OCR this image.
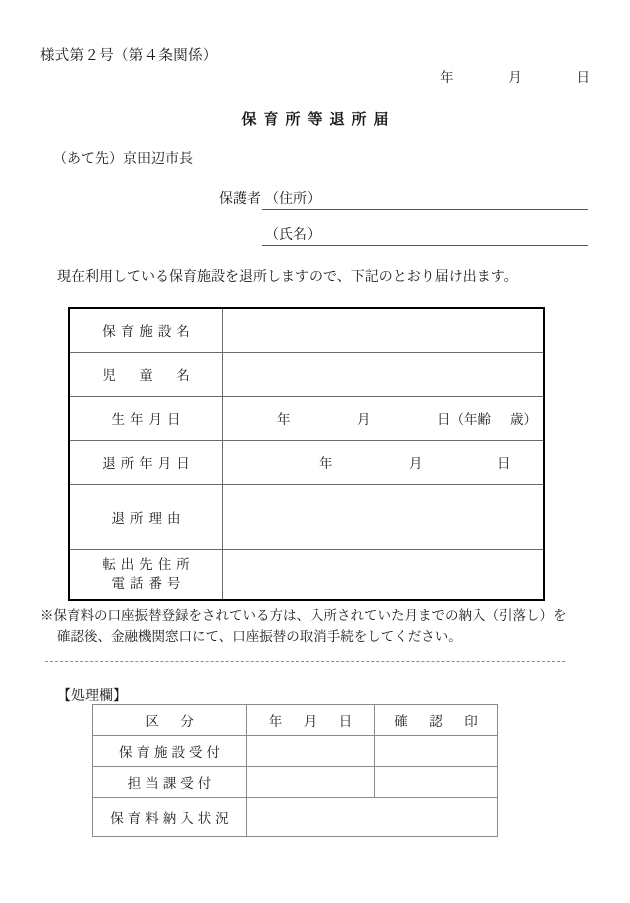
様式第２号（第４条関係）
年	月	日
保育所等退所届
（あて先）京田辺市長
保護者 （住所）
（氏名）
現在利用している保育施設を退所しますので、下記のとおり届け出ます。
保育施設名	
児　童　名	
生年月日	年 月 日（年齢 歳）

退所年月日	年 月 日

退所理由	

転出先住所
電話番号	

※保育料の口座振替登録をされている方は、入所されていた月までの納入（引落し）を
確認後、金融機関窓口にて、口座振替の取消手続をしてください。
【処理欄】
区　分	年　月　日	確　認　印
保育施設受付		
担当課受付		
保育料納入状況		
